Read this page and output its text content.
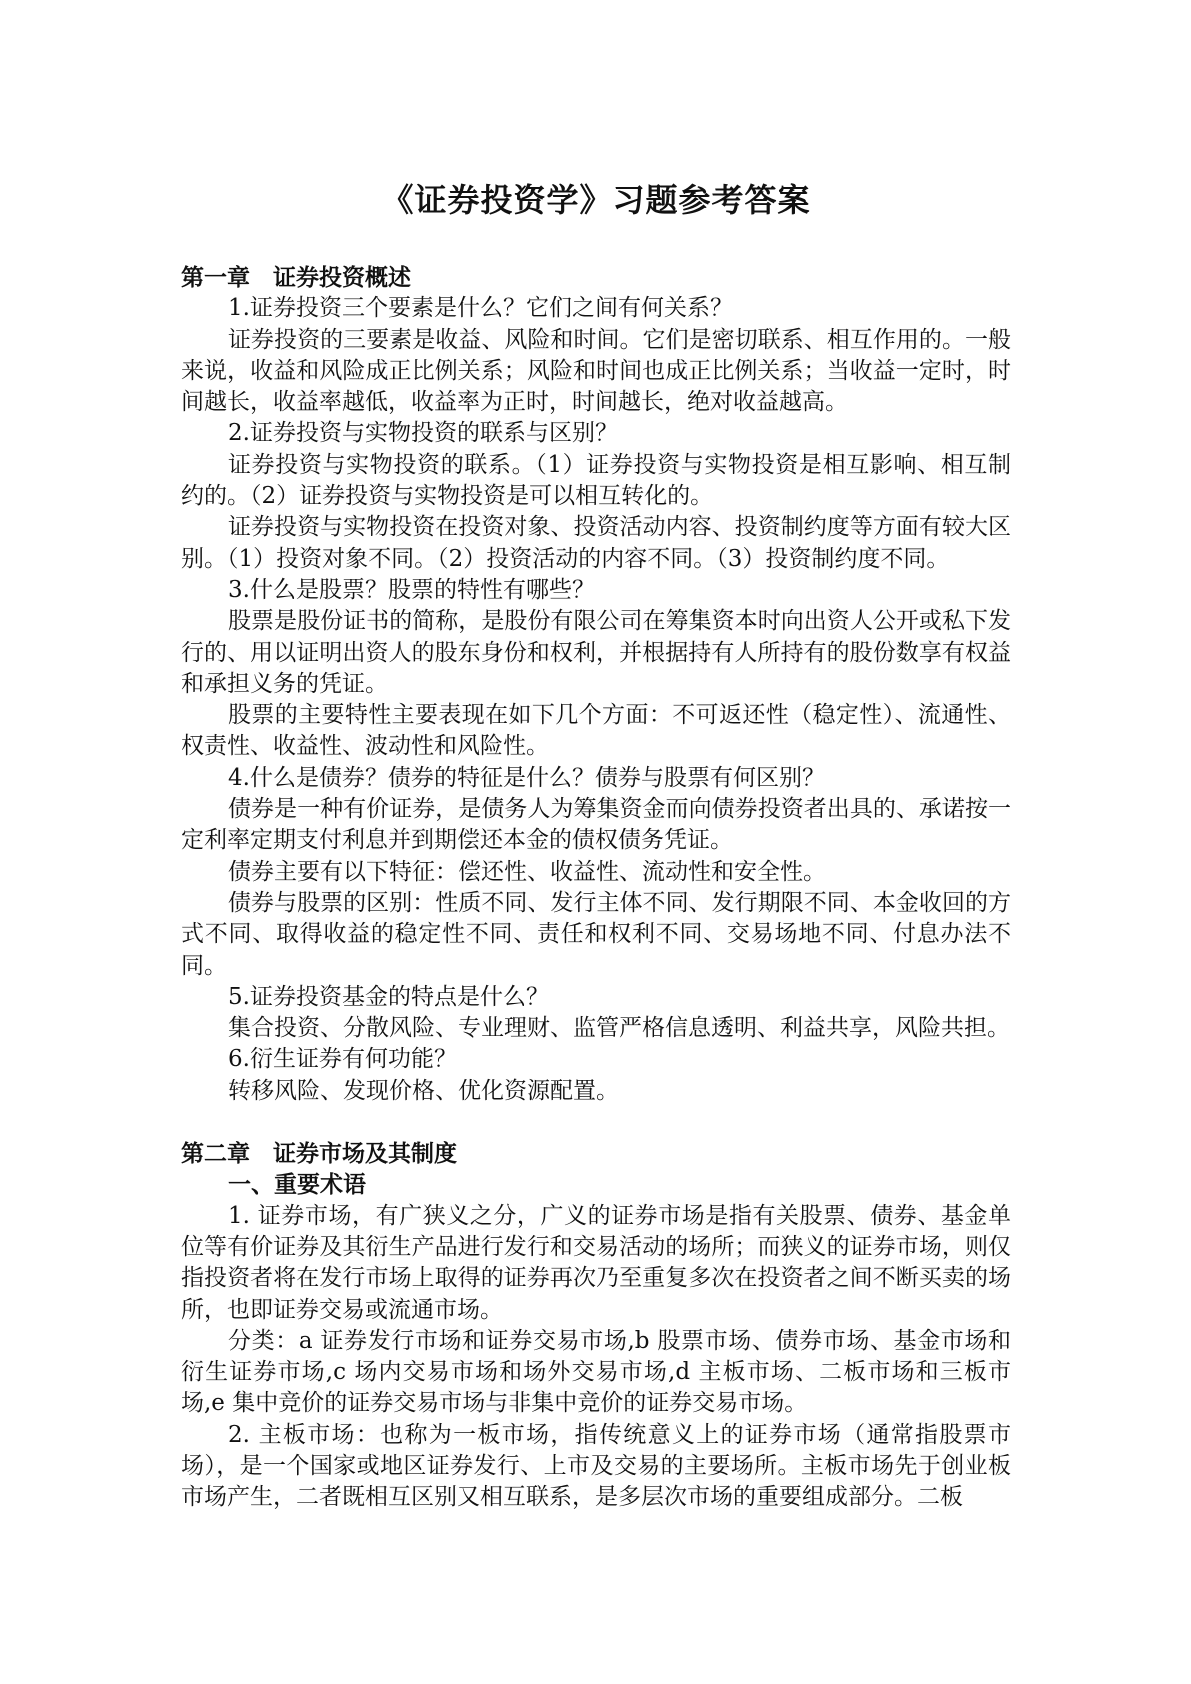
《证券投资学》习题参考答案

第一章　证券投资概述

1.证券投资三个要素是什么？它们之间有何关系？

证券投资的三要素是收益、风险和时间。它们是密切联系、相互作用的。一般来说，收益和风险成正比例关系；风险和时间也成正比例关系；当收益一定时，时间越长，收益率越低，收益率为正时，时间越长，绝对收益越高。

2.证券投资与实物投资的联系与区别？

证券投资与实物投资的联系。（1）证券投资与实物投资是相互影响、相互制约的。（2）证券投资与实物投资是可以相互转化的。

证券投资与实物投资在投资对象、投资活动内容、投资制约度等方面有较大区别。（1）投资对象不同。（2）投资活动的内容不同。（3）投资制约度不同。

3.什么是股票？股票的特性有哪些？

股票是股份证书的简称，是股份有限公司在筹集资本时向出资人公开或私下发行的、用以证明出资人的股东身份和权利，并根据持有人所持有的股份数享有权益和承担义务的凭证。

股票的主要特性主要表现在如下几个方面：不可返还性（稳定性）、流通性、权责性、收益性、波动性和风险性。

4.什么是债券？债券的特征是什么？债券与股票有何区别？

债券是一种有价证券，是债务人为筹集资金而向债券投资者出具的、承诺按一定利率定期支付利息并到期偿还本金的债权债务凭证。

债券主要有以下特征：偿还性、收益性、流动性和安全性。

债券与股票的区别：性质不同、发行主体不同、发行期限不同、本金收回的方式不同、取得收益的稳定性不同、责任和权利不同、交易场地不同、付息办法不同。

5.证券投资基金的特点是什么？

集合投资、分散风险、专业理财、监管严格信息透明、利益共享，风险共担。

6.衍生证券有何功能？

转移风险、发现价格、优化资源配置。

第二章　证券市场及其制度

一、重要术语

1. 证券市场，有广狭义之分，广义的证券市场是指有关股票、债券、基金单位等有价证券及其衍生产品进行发行和交易活动的场所；而狭义的证券市场，则仅指投资者将在发行市场上取得的证券再次乃至重复多次在投资者之间不断买卖的场所，也即证券交易或流通市场。

分类：a 证券发行市场和证券交易市场,b 股票市场、债券市场、基金市场和衍生证券市场,c 场内交易市场和场外交易市场,d 主板市场、二板市场和三板市场,e 集中竞价的证券交易市场与非集中竞价的证券交易市场。

2. 主板市场：也称为一板市场，指传统意义上的证券市场（通常指股票市场），是一个国家或地区证券发行、上市及交易的主要场所。主板市场先于创业板市场产生，二者既相互区别又相互联系，是多层次市场的重要组成部分。二板
